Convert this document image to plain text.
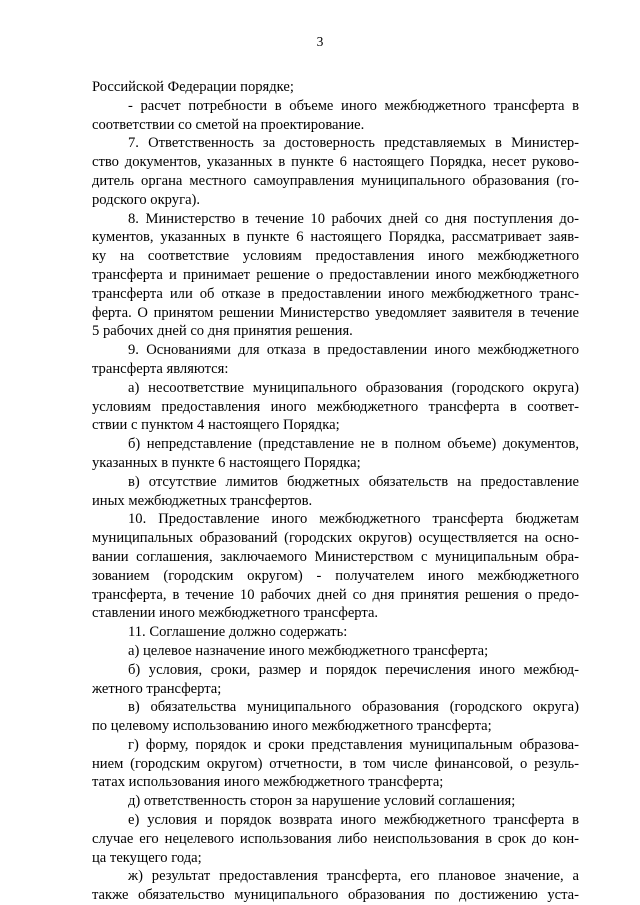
3
Российской Федерации порядке;
- расчет потребности в объеме иного межбюджетного трансферта в
соответствии со сметой на проектирование.
7. Ответственность за достоверность представляемых в Министер-
ство документов, указанных в пункте 6 настоящего Порядка, несет руково-
дитель органа местного самоуправления муниципального образования (го-
родского округа).
8. Министерство в течение 10 рабочих дней со дня поступления до-
кументов, указанных в пункте 6 настоящего Порядка, рассматривает заяв-
ку на соответствие условиям предоставления иного межбюджетного
трансферта и принимает решение о предоставлении иного межбюджетного
трансферта или об отказе в предоставлении иного межбюджетного транс-
ферта. О принятом решении Министерство уведомляет заявителя в течение
5 рабочих дней со дня принятия решения.
9. Основаниями для отказа в предоставлении иного межбюджетного
трансферта являются:
а) несоответствие муниципального образования (городского округа)
условиям предоставления иного межбюджетного трансферта в соответ-
ствии с пунктом 4 настоящего Порядка;
б) непредставление (представление не в полном объеме) документов,
указанных в пункте 6 настоящего Порядка;
в) отсутствие лимитов бюджетных обязательств на предоставление
иных межбюджетных трансфертов.
10. Предоставление иного межбюджетного трансферта бюджетам
муниципальных образований (городских округов) осуществляется на осно-
вании соглашения, заключаемого Министерством с муниципальным обра-
зованием (городским округом) - получателем иного межбюджетного
трансферта, в течение 10 рабочих дней со дня принятия решения о предо-
ставлении иного межбюджетного трансферта.
11. Соглашение должно содержать:
а) целевое назначение иного межбюджетного трансферта;
б) условия, сроки, размер и порядок перечисления иного межбюд-
жетного трансферта;
в) обязательства муниципального образования (городского округа)
по целевому использованию иного межбюджетного трансферта;
г) форму, порядок и сроки представления муниципальным образова-
нием (городским округом) отчетности, в том числе финансовой, о резуль-
татах использования иного межбюджетного трансферта;
д) ответственность сторон за нарушение условий соглашения;
е) условия и порядок возврата иного межбюджетного трансферта в
случае его нецелевого использования либо неиспользования в срок до кон-
ца текущего года;
ж) результат предоставления трансферта, его плановое значение, а
также обязательство муниципального образования по достижению уста-
